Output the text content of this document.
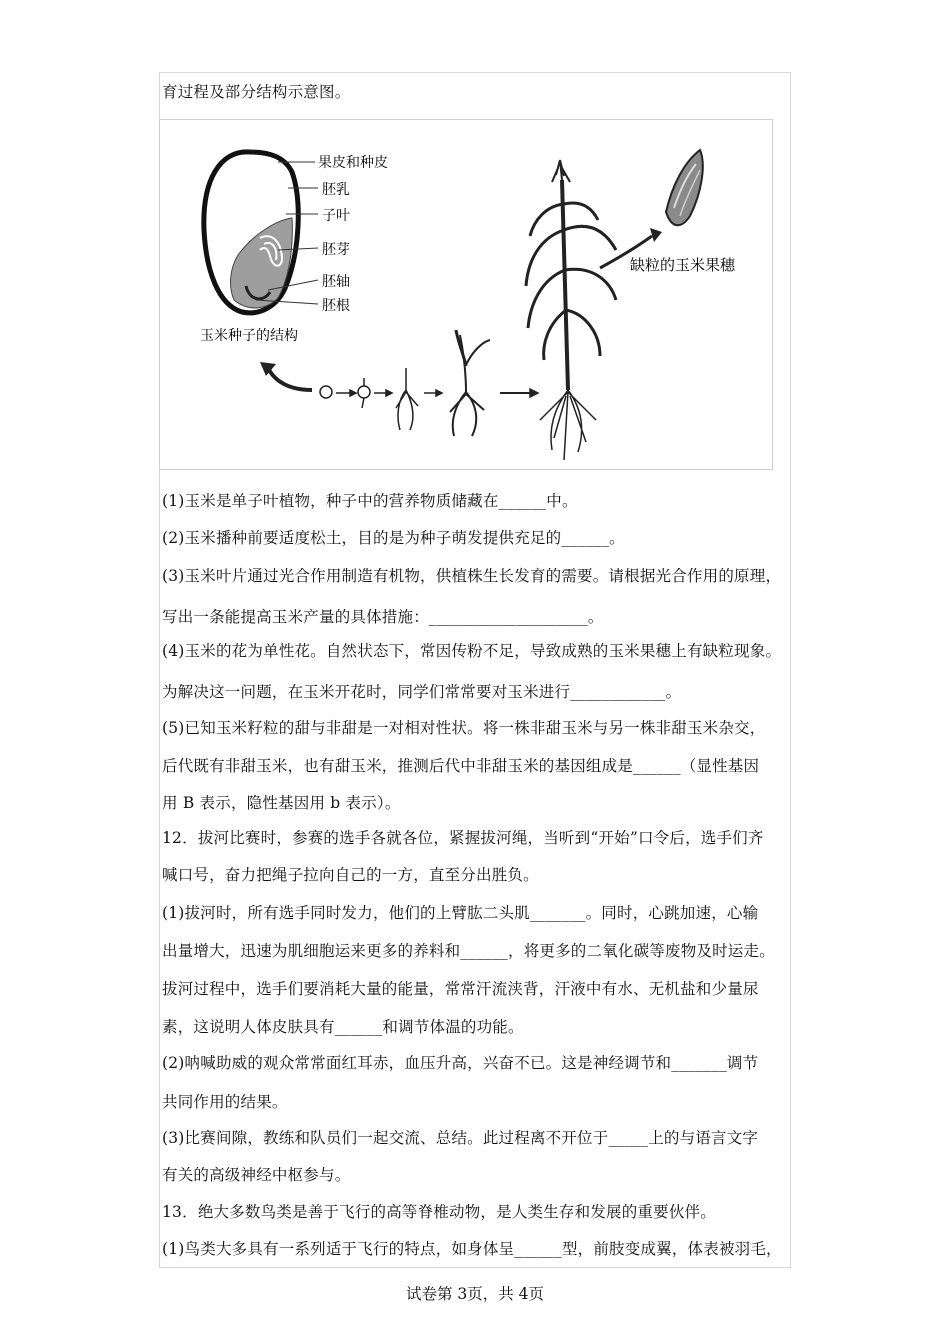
育过程及部分结构示意图。
果皮和种皮
胚乳
子叶
胚芽
胚轴
胚根
玉米种子的结构
缺粒的玉米果穗
(1)玉米是单子叶植物，种子中的营养物质储藏在______中。
(2)玉米播种前要适度松土，目的是为种子萌发提供充足的______。
(3)玉米叶片通过光合作用制造有机物，供植株生长发育的需要。请根据光合作用的原理，
写出一条能提高玉米产量的具体措施：____________________。
(4)玉米的花为单性花。自然状态下，常因传粉不足，导致成熟的玉米果穗上有缺粒现象。
为解决这一问题，在玉米开花时，同学们常常要对玉米进行____________。
(5)已知玉米籽粒的甜与非甜是一对相对性状。将一株非甜玉米与另一株非甜玉米杂交，
后代既有非甜玉米，也有甜玉米，推测后代中非甜玉米的基因组成是______（显性基因
用 B 表示，隐性基因用 b 表示）。
12．拔河比赛时，参赛的选手各就各位，紧握拔河绳，当听到“开始”口令后，选手们齐
喊口号，奋力把绳子拉向自己的一方，直至分出胜负。
(1)拔河时，所有选手同时发力，他们的上臂肱二头肌_______。同时，心跳加速，心输
出量增大，迅速为肌细胞运来更多的养料和______，将更多的二氧化碳等废物及时运走。
拔河过程中，选手们要消耗大量的能量，常常汗流浃背，汗液中有水、无机盐和少量尿
素，这说明人体皮肤具有______和调节体温的功能。
(2)呐喊助威的观众常常面红耳赤，血压升高，兴奋不已。这是神经调节和_______调节
共同作用的结果。
(3)比赛间隙，教练和队员们一起交流、总结。此过程离不开位于_____上的与语言文字
有关的高级神经中枢参与。
13．绝大多数鸟类是善于飞行的高等脊椎动物，是人类生存和发展的重要伙伴。
(1)鸟类大多具有一系列适于飞行的特点，如身体呈______型，前肢变成翼，体表被羽毛，
试卷第 3页，共 4页
